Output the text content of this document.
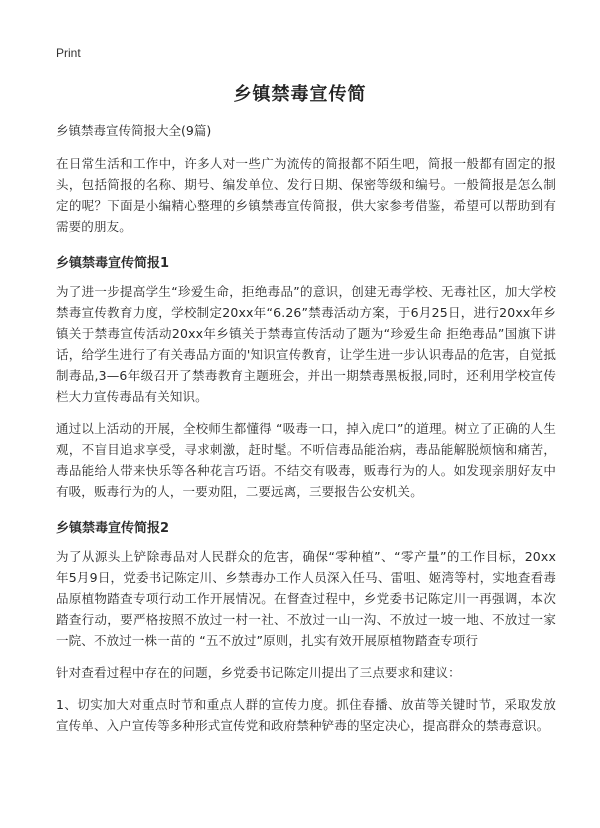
Print
乡镇禁毒宣传简
乡镇禁毒宣传简报大全(9篇)

在日常生活和工作中，许多人对一些广为流传的简报都不陌生吧，简报一般都有固定的报头，包括简报的名称、期号、编发单位、发行日期、保密等级和编号。一般简报是怎么制定的呢？下面是小编精心整理的乡镇禁毒宣传简报，供大家参考借鉴，希望可以帮助到有需要的朋友。

乡镇禁毒宣传简报1

为了进一步提高学生“珍爱生命，拒绝毒品”的意识，创建无毒学校、无毒社区，加大学校禁毒宣传教育力度，学校制定20xx年“6.26”禁毒活动方案，于6月25日，进行20xx年乡镇关于禁毒宣传活动20xx年乡镇关于禁毒宣传活动了题为“珍爱生命 拒绝毒品”国旗下讲话，给学生进行了有关毒品方面的'知识宣传教育，让学生进一步认识毒品的危害，自觉抵制毒品,3—6年级召开了禁毒教育主题班会，并出一期禁毒黑板报,同时，还利用学校宣传栏大力宣传毒品有关知识。

通过以上活动的开展，全校师生都懂得 “吸毒一口，掉入虎口”的道理。树立了正确的人生观，不盲目追求享受，寻求刺激，赶时髦。不听信毒品能治病，毒品能解脱烦恼和痛苦，毒品能给人带来快乐等各种花言巧语。不结交有吸毒，贩毒行为的人。如发现亲朋好友中有吸，贩毒行为的人，一要劝阻，二要远离，三要报告公安机关。

乡镇禁毒宣传简报2

为了从源头上铲除毒品对人民群众的危害，确保“零种植”、“零产量”的工作目标，20xx年5月9日，党委书记陈定川、乡禁毒办工作人员深入任马、雷咀、姬湾等村，实地查看毒品原植物踏查专项行动工作开展情况。在督查过程中，乡党委书记陈定川一再强调，本次踏查行动，要严格按照不放过一村一社、不放过一山一沟、不放过一坡一地、不放过一家一院、不放过一株一苗的 “五不放过”原则，扎实有效开展原植物踏查专项行

针对查看过程中存在的问题，乡党委书记陈定川提出了三点要求和建议：

1、切实加大对重点时节和重点人群的宣传力度。抓住春播、放苗等关键时节，采取发放宣传单、入户宣传等多种形式宣传党和政府禁种铲毒的坚定决心，提高群众的禁毒意识。
